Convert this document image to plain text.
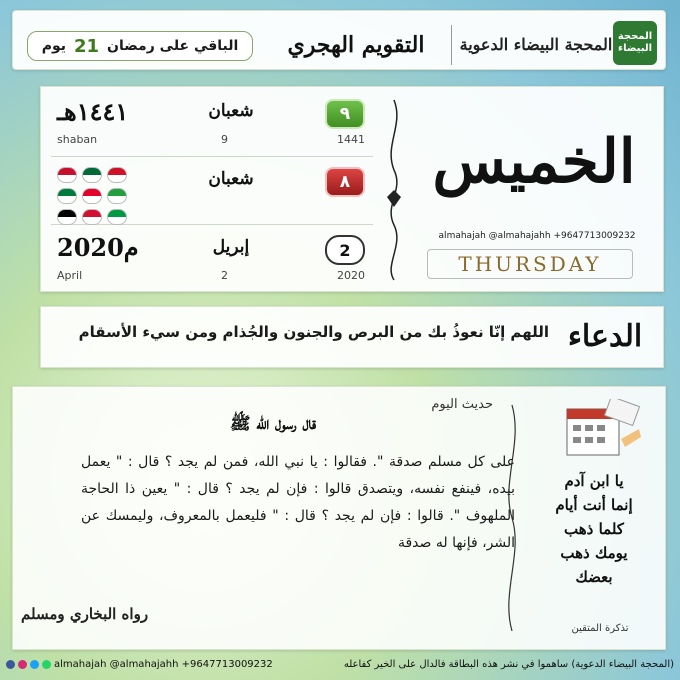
الباقي على رمضان
21
يوم	التقويم الهجري	المحجة البيضاء الدعوية المحجة البيضاء
٩
شعبان
١٤٤١هـ
shaban	9	1441
٨
شعبان
2
إبريل
2020م
April	2	2020
الخميس
almahajah @almahajahh +9647713009232
THURSDAY
الدعاء
اللهم إنّا نعوذُ بك من البرص والجنون والجُذام ومن سيء الأسقام
حديث اليوم
قال رسول الله ﷺ
على كل مسلم صدقة ". فقالوا : يا نبي الله، فمن لم يجد ؟ قال : " يعمل بيده، فينفع نفسه، ويتصدق قالوا : فإن لم يجد ؟ قال : " يعين ذا الحاجة الملهوف ". قالوا : فإن لم يجد ؟ قال : " فليعمل بالمعروف، وليمسك عن الشر، فإنها له صدقة
رواه البخاري ومسلم
يا ابن آدم
إنما أنت أيام
كلما ذهب
يومك ذهب
بعضك
تذكرة المتقين
almahajah @almahajahh +9647713009232	(المحجة البيضاء الدعوية) ساهموا في نشر هذه البطاقة فالدال على الخير كفاعله
